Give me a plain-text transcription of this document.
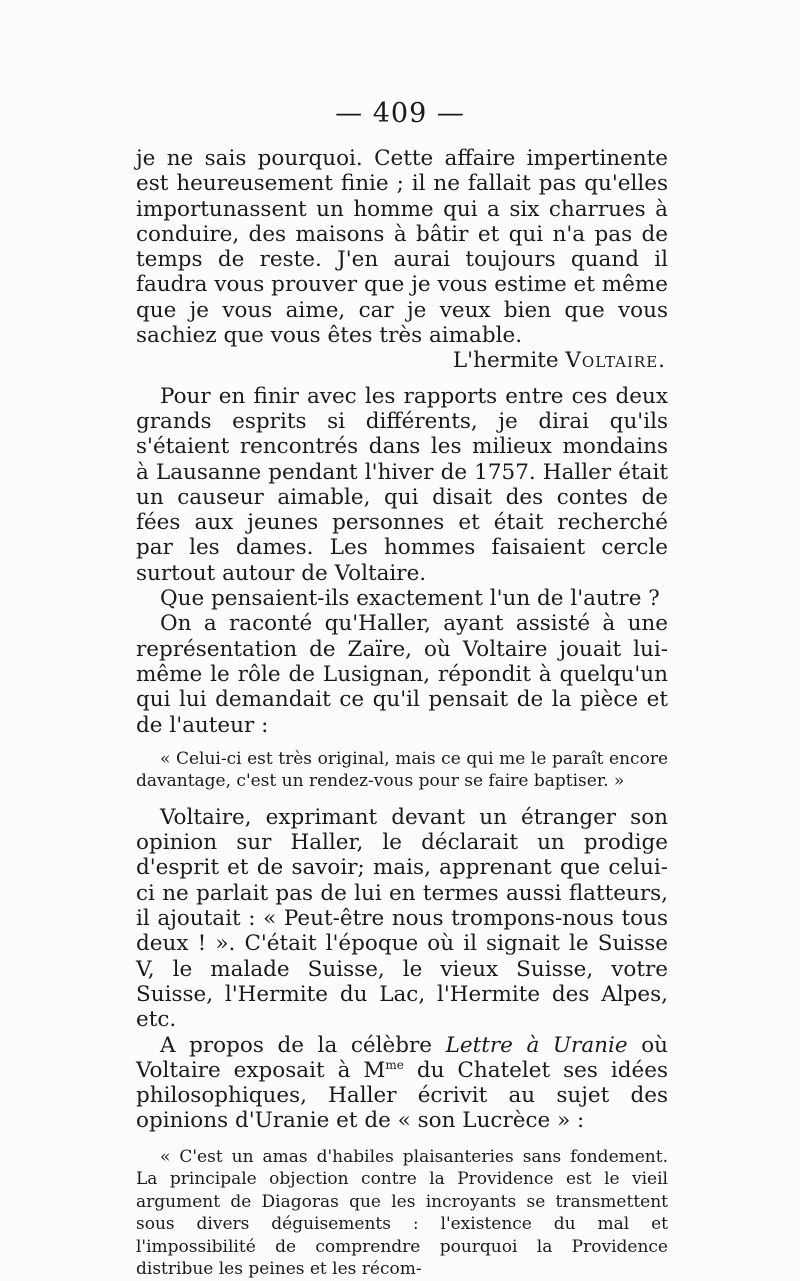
— 409 —

je ne sais pourquoi. Cette affaire impertinente est heureusement finie ; il ne fallait pas qu'elles importunassent un homme qui a six charrues à conduire, des maisons à bâtir et qui n'a pas de temps de reste. J'en aurai toujours quand il faudra vous prouver que je vous estime et même que je vous aime, car je veux bien que vous sachiez que vous êtes très aimable.

L'hermite Voltaire.

Pour en finir avec les rapports entre ces deux grands esprits si différents, je dirai qu'ils s'étaient rencontrés dans les milieux mondains à Lausanne pendant l'hiver de 1757. Haller était un causeur aimable, qui disait des contes de fées aux jeunes personnes et était recherché par les dames. Les hommes faisaient cercle surtout autour de Voltaire.

Que pensaient-ils exactement l'un de l'autre ?

On a raconté qu'Haller, ayant assisté à une représentation de Zaïre, où Voltaire jouait lui-même le rôle de Lusignan, répondit à quelqu'un qui lui demandait ce qu'il pensait de la pièce et de l'auteur :

« Celui-ci est très original, mais ce qui me le paraît encore davantage, c'est un rendez-vous pour se faire baptiser. »

Voltaire, exprimant devant un étranger son opinion sur Haller, le déclarait un prodige d'esprit et de savoir; mais, apprenant que celui-ci ne parlait pas de lui en termes aussi flatteurs, il ajoutait : « Peut-être nous trompons-nous tous deux ! ». C'était l'époque où il signait le Suisse V, le malade Suisse, le vieux Suisse, votre Suisse, l'Hermite du Lac, l'Hermite des Alpes, etc.

A propos de la célèbre Lettre à Uranie où Voltaire exposait à $M^{me}$ du Chatelet ses idées philosophiques, Haller écrivit au sujet des opinions d'Uranie et de « son Lucrèce » :

« C'est un amas d'habiles plaisanteries sans fondement. La principale objection contre la Providence est le vieil argument de Diagoras que les incroyants se transmettent sous divers déguisements : l'existence du mal et l'impossibilité de comprendre pourquoi la Providence distribue les peines et les récom-
